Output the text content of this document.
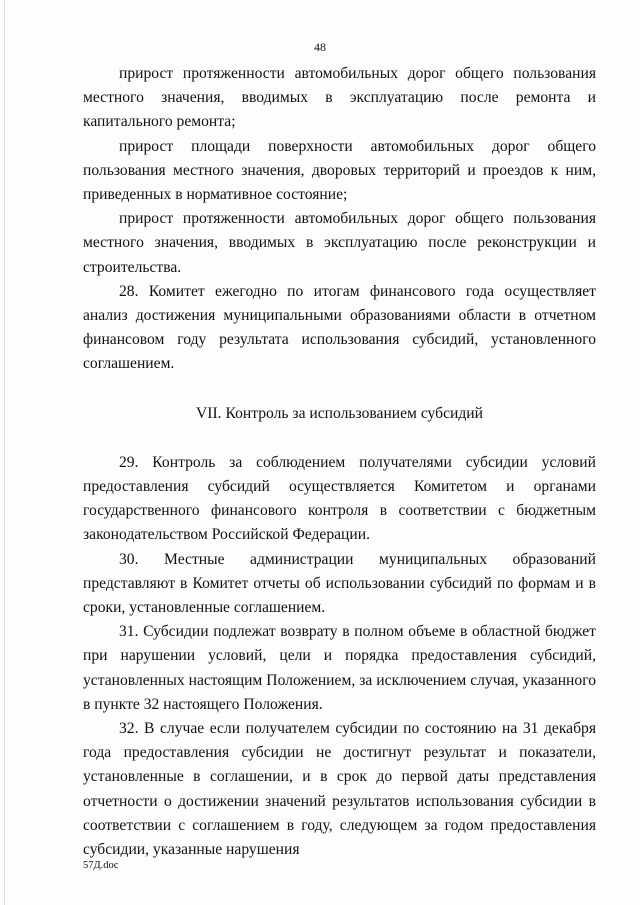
48

прирост протяженности автомобильных дорог общего пользования местного значения, вводимых в эксплуатацию после ремонта и капитального ремонта;

прирост площади поверхности автомобильных дорог общего пользования местного значения, дворовых территорий и проездов к ним, приведенных в нормативное состояние;

прирост протяженности автомобильных дорог общего пользования местного значения, вводимых в эксплуатацию после реконструкции и строительства.

28. Комитет ежегодно по итогам финансового года осуществляет анализ достижения муниципальными образованиями области в отчетном финансовом году результата использования субсидий, установленного соглашением.

VII. Контроль за использованием субсидий

29. Контроль за соблюдением получателями субсидии условий предоставления субсидий осуществляется Комитетом и органами государственного финансового контроля в соответствии с бюджетным законодательством Российской Федерации.

30. Местные администрации муниципальных образований представляют в Комитет отчеты об использовании субсидий по формам и в сроки, установленные соглашением.

31. Субсидии подлежат возврату в полном объеме в областной бюджет при нарушении условий, цели и порядка предоставления субсидий, установленных настоящим Положением, за исключением случая, указанного в пункте 32 настоящего Положения.

32. В случае если получателем субсидии по состоянию на 31 декабря года предоставления субсидии не достигнут результат и показатели, установленные в соглашении, и в срок до первой даты представления отчетности о достижении значений результатов использования субсидии в соответствии с соглашением в году, следующем за годом предоставления субсидии, указанные нарушения

57Д.doc
